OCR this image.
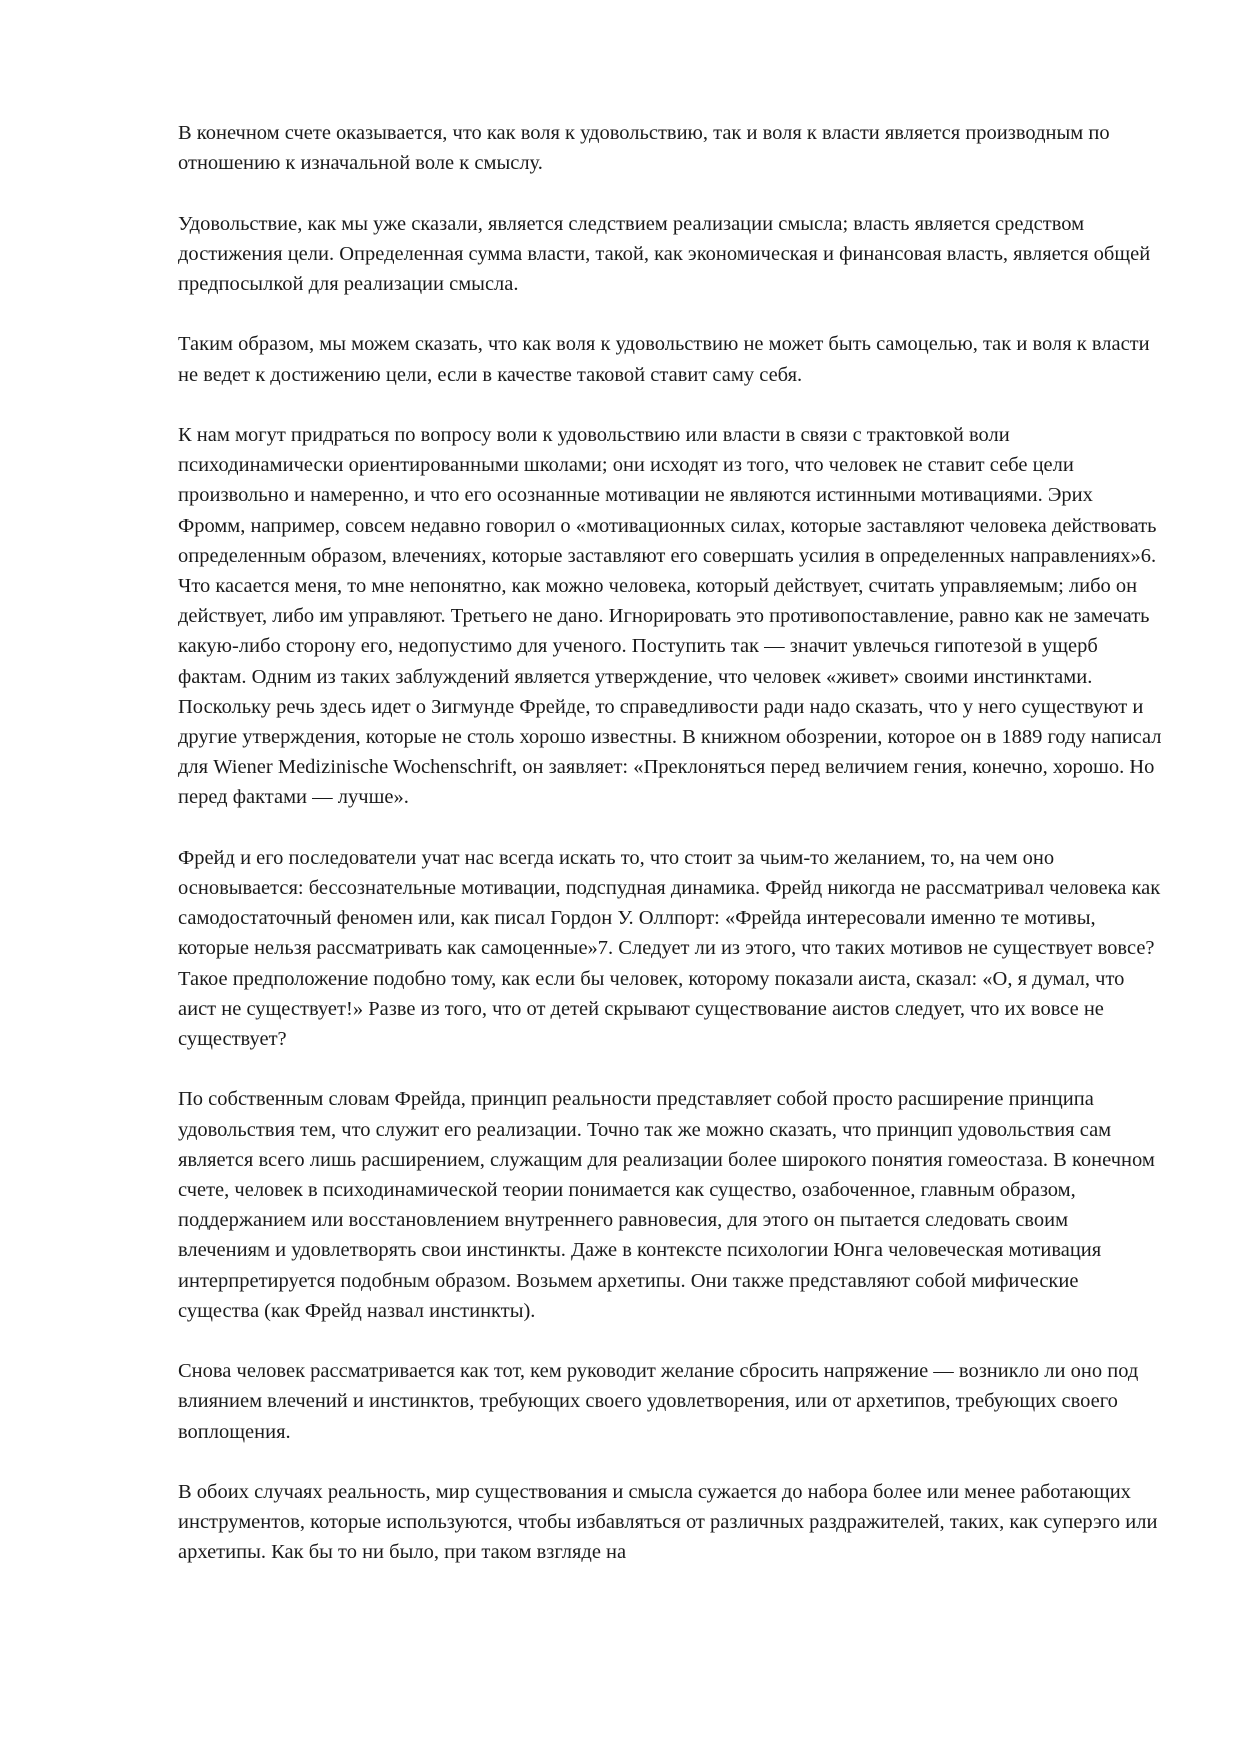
В конечном счете оказывается, что как воля к удовольствию, так и воля к власти является производным по отношению к изначальной воле к смыслу.

Удовольствие, как мы уже сказали, является следствием реализации смысла; власть является средством достижения цели. Определенная сумма власти, такой, как экономическая и финансовая власть, является общей предпосылкой для реализации смысла.

Таким образом, мы можем сказать, что как воля к удовольствию не может быть самоцелью, так и воля к власти не ведет к достижению цели, если в качестве таковой ставит саму себя.

К нам могут придраться по вопросу воли к удовольствию или власти в связи с трактовкой воли психодинамически ориентированными школами; они исходят из того, что человек не ставит себе цели произвольно и намеренно, и что его осознанные мотивации не являются истинными мотивациями. Эрих Фромм, например, совсем недавно говорил о «мотивационных силах, которые заставляют человека действовать определенным образом, влечениях, которые заставляют его совершать усилия в определенных направлениях»6. Что касается меня, то мне непонятно, как можно человека, который действует, считать управляемым; либо он действует, либо им управляют. Третьего не дано. Игнорировать это противопоставление, равно как не замечать какую-либо сторону его, недопустимо для ученого. Поступить так — значит увлечься гипотезой в ущерб фактам. Одним из таких заблуждений является утверждение, что человек «живет» своими инстинктами. Поскольку речь здесь идет о Зигмунде Фрейде, то справедливости ради надо сказать, что у него существуют и другие утверждения, которые не столь хорошо известны. В книжном обозрении, которое он в 1889 году написал для Wiener Medizinische Wochenschrift, он заявляет: «Преклоняться перед величием гения, конечно, хорошо. Но перед фактами — лучше».

Фрейд и его последователи учат нас всегда искать то, что стоит за чьим-то желанием, то, на чем оно основывается: бессознательные мотивации, подспудная динамика. Фрейд никогда не рассматривал человека как самодостаточный феномен или, как писал Гордон У. Оллпорт: «Фрейда интересовали именно те мотивы, которые нельзя рассматривать как самоценные»7. Следует ли из этого, что таких мотивов не существует вовсе? Такое предположение подобно тому, как если бы человек, которому показали аиста, сказал: «О, я думал, что аист не существует!» Разве из того, что от детей скрывают существование аистов следует, что их вовсе не существует?

По собственным словам Фрейда, принцип реальности представляет собой просто расширение принципа удовольствия тем, что служит его реализации. Точно так же можно сказать, что принцип удовольствия сам является всего лишь расширением, служащим для реализации более широкого понятия гомеостаза. В конечном счете, человек в психодинамической теории понимается как существо, озабоченное, главным образом, поддержанием или восстановлением внутреннего равновесия, для этого он пытается следовать своим влечениям и удовлетворять свои инстинкты. Даже в контексте психологии Юнга человеческая мотивация интерпретируется подобным образом. Возьмем архетипы. Они также представляют собой мифические существа (как Фрейд назвал инстинкты).

Снова человек рассматривается как тот, кем руководит желание сбросить напряжение — возникло ли оно под влиянием влечений и инстинктов, требующих своего удовлетворения, или от архетипов, требующих своего воплощения.

В обоих случаях реальность, мир существования и смысла сужается до набора более или менее работающих инструментов, которые используются, чтобы избавляться от различных раздражителей, таких, как суперэго или архетипы. Как бы то ни было, при таком взгляде на
